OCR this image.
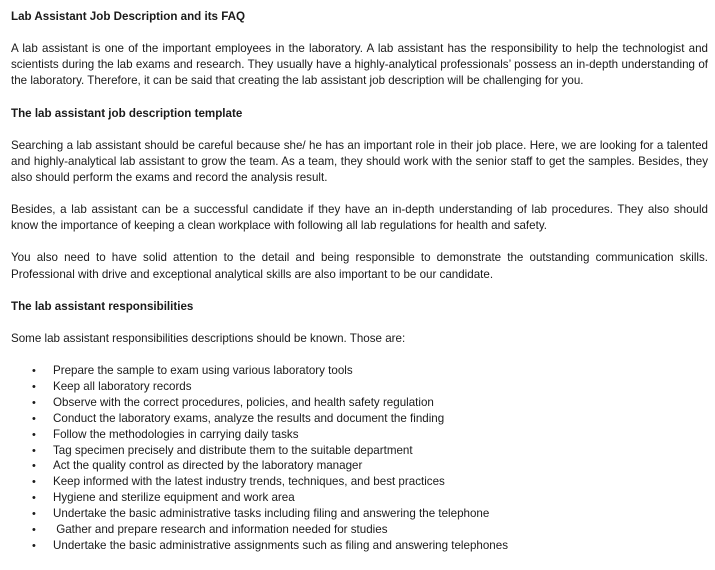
Lab Assistant Job Description and its FAQ

A lab assistant is one of the important employees in the laboratory. A lab assistant has the responsibility to help the technologist and scientists during the lab exams and research. They usually have a highly-analytical professionals’ possess an in-depth understanding of the laboratory. Therefore, it can be said that creating the lab assistant job description will be challenging for you.

The lab assistant job description template

Searching a lab assistant should be careful because she/ he has an important role in their job place. Here, we are looking for a talented and highly-analytical lab assistant to grow the team. As a team, they should work with the senior staff to get the samples. Besides, they also should perform the exams and record the analysis result.

Besides, a lab assistant can be a successful candidate if they have an in-depth understanding of lab procedures. They also should know the importance of keeping a clean workplace with following all lab regulations for health and safety.

You also need to have solid attention to the detail and being responsible to demonstrate the outstanding communication skills. Professional with drive and exceptional analytical skills are also important to be our candidate.

The lab assistant responsibilities

Some lab assistant responsibilities descriptions should be known. Those are:

• Prepare the sample to exam using various laboratory tools
• Keep all laboratory records
• Observe with the correct procedures, policies, and health safety regulation
• Conduct the laboratory exams, analyze the results and document the finding
• Follow the methodologies in carrying daily tasks
• Tag specimen precisely and distribute them to the suitable department
• Act the quality control as directed by the laboratory manager
• Keep informed with the latest industry trends, techniques, and best practices
• Hygiene and sterilize equipment and work area
• Undertake the basic administrative tasks including filing and answering the telephone
• Gather and prepare research and information needed for studies
• Undertake the basic administrative assignments such as filing and answering telephones
